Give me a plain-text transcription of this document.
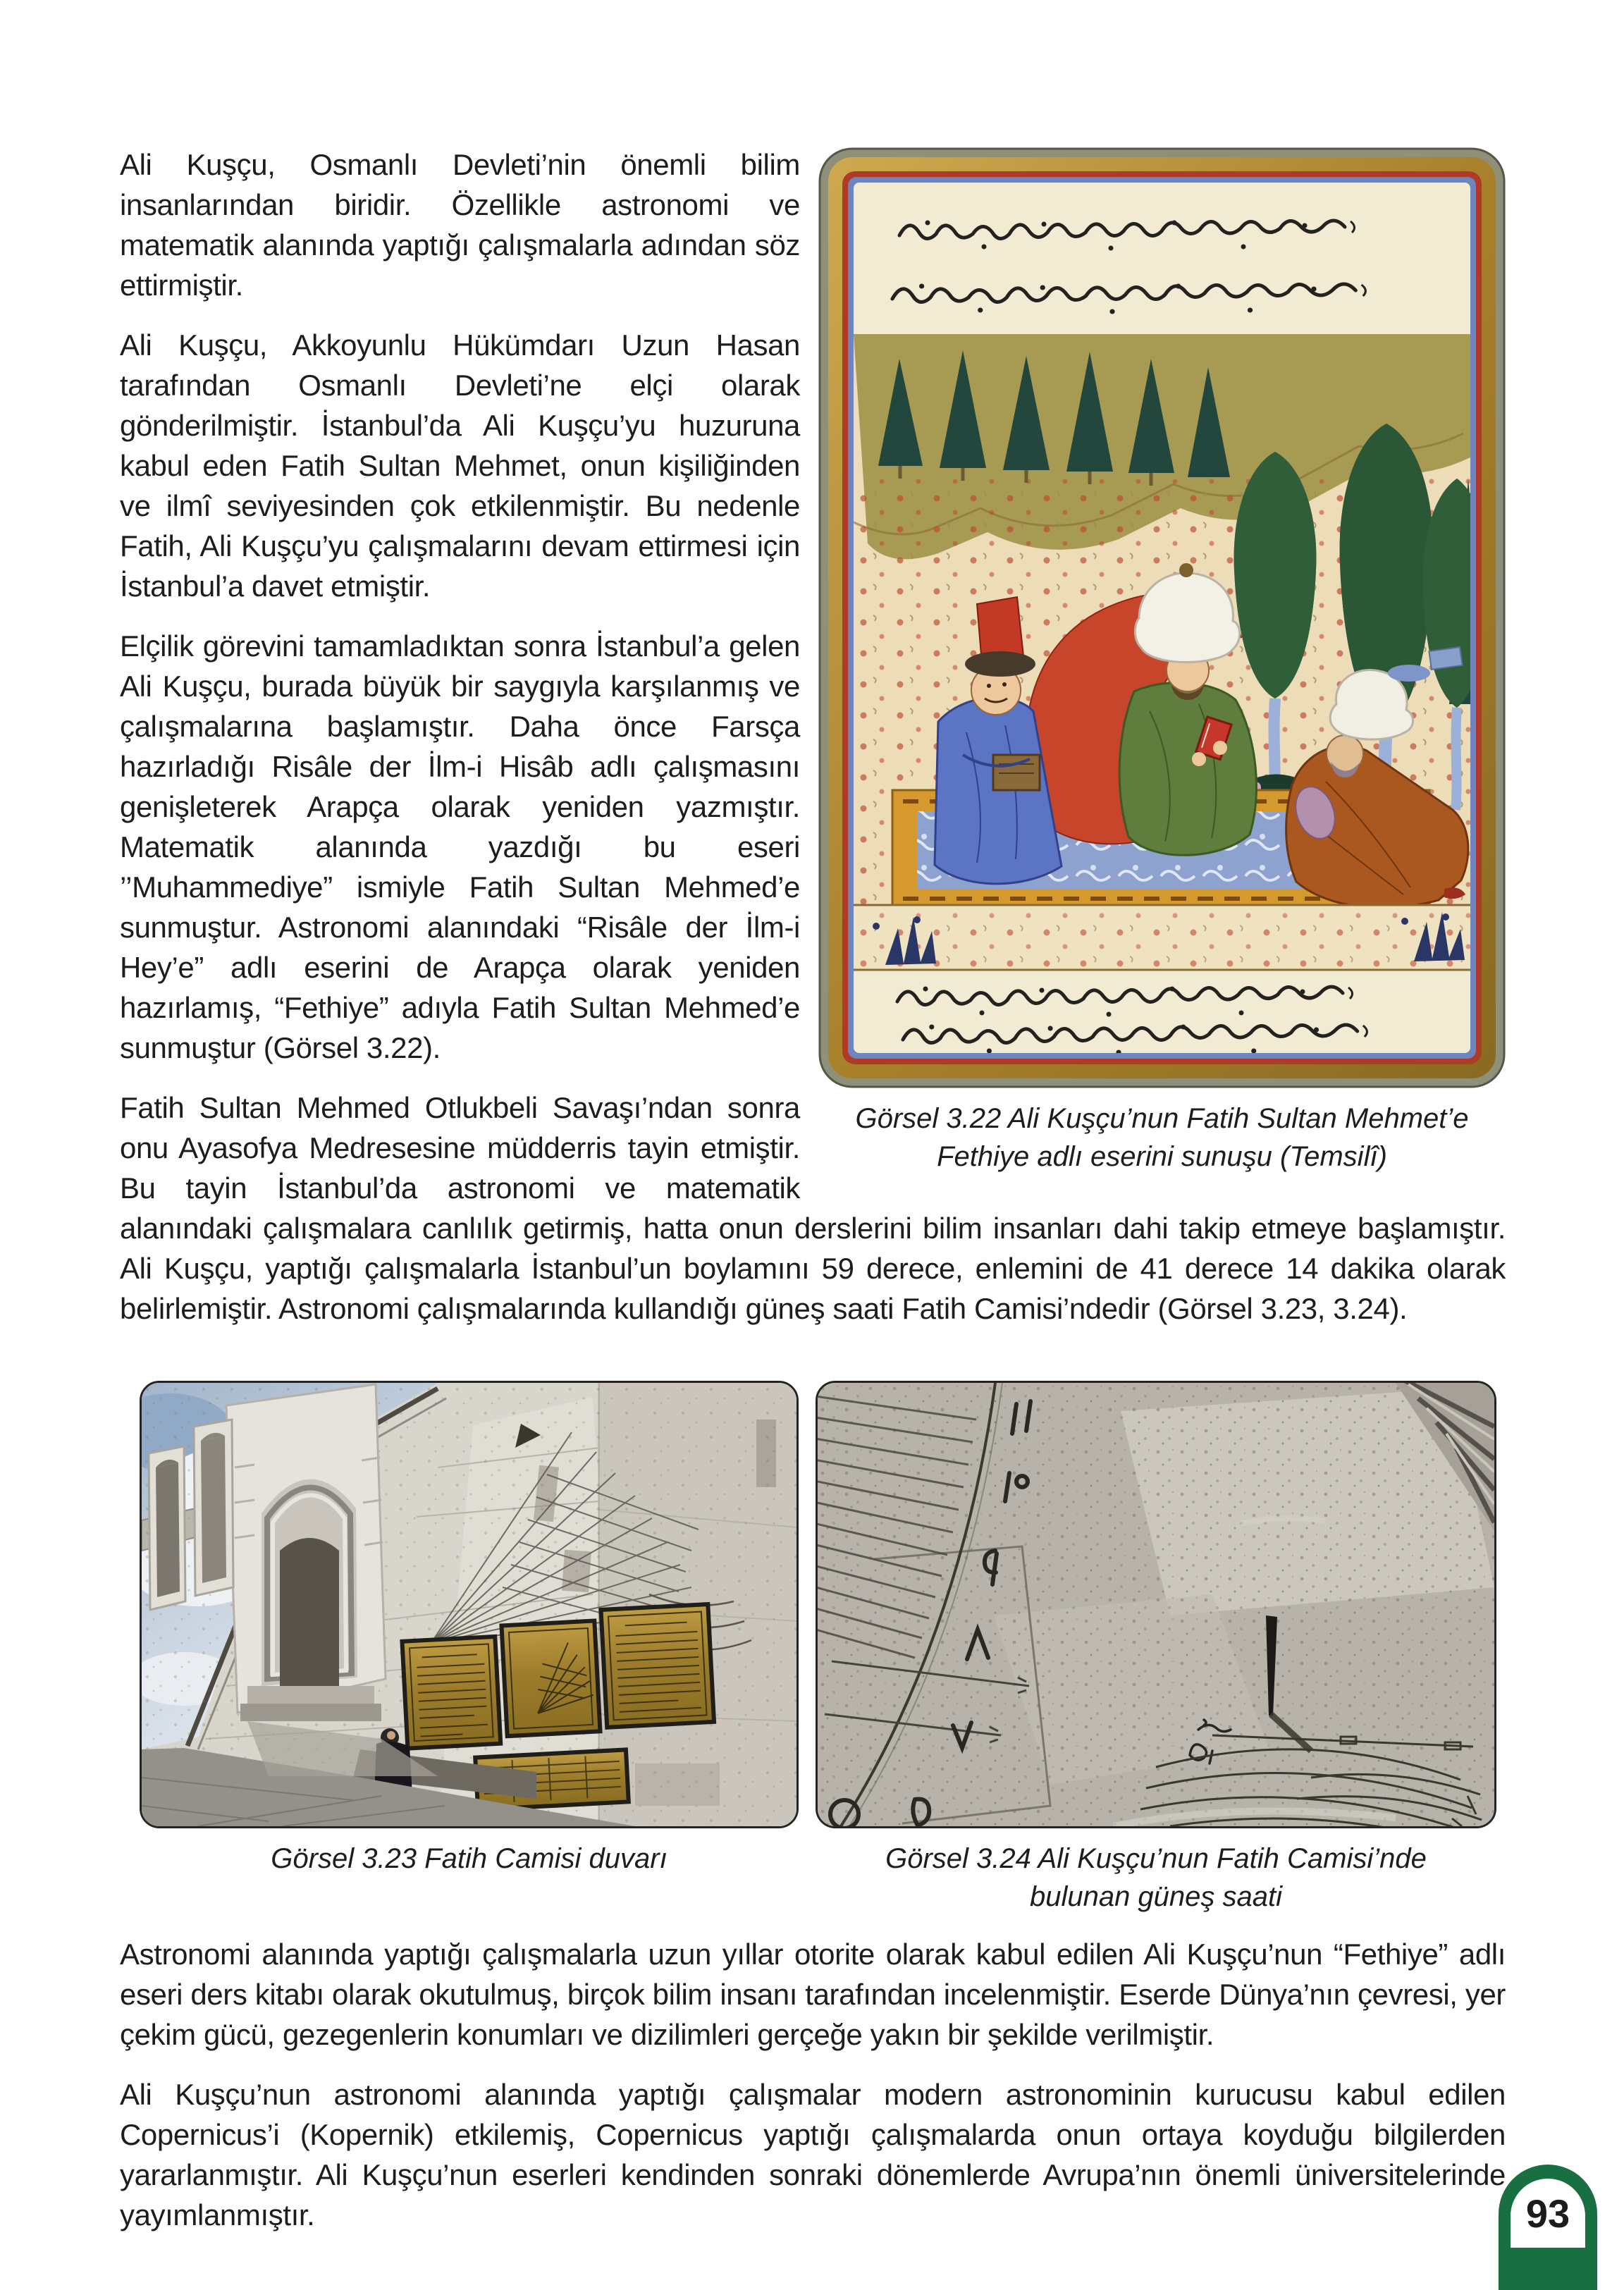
Görsel 3.22 Ali Kuşçu’nun Fatih Sultan Mehmet’e Fethiye adlı eserini sunuşu (Temsilî)

Ali Kuşçu, Osmanlı Devleti’nin önemli bilim insanlarından biridir. Özellikle astronomi ve matematik alanında yaptığı çalışmalarla adından söz ettirmiştir.

Ali Kuşçu, Akkoyunlu Hükümdarı Uzun Hasan tarafından Osmanlı Devleti’ne elçi olarak gönderilmiştir. İstanbul’da Ali Kuşçu’yu huzuruna kabul eden Fatih Sultan Mehmet, onun kişiliğinden ve ilmî seviyesinden çok etkilenmiştir. Bu nedenle Fatih, Ali Kuşçu’yu çalışmalarını devam ettirmesi için İstanbul’a davet etmiştir.

Elçilik görevini tamamladıktan sonra İstanbul’a gelen Ali Kuşçu, burada büyük bir saygıyla karşılanmış ve çalışmalarına başlamıştır. Daha önce Farsça hazırladığı Risâle der İlm-i Hisâb adlı çalışmasını genişleterek Arapça olarak yeniden yazmıştır. Matematik alanında yazdığı bu eseri ’’Muhammediye” ismiyle Fatih Sultan Mehmed’e sunmuştur. Astronomi alanındaki “Risâle der İlm-i Hey’e” adlı eserini de Arapça olarak yeniden hazırlamış, “Fethiye” adıyla Fatih Sultan Mehmed’e sunmuştur (Görsel 3.22).

Fatih Sultan Mehmed Otlukbeli Savaşı’ndan sonra onu Ayasofya Medresesine müdderris tayin etmiştir. Bu tayin İstanbul’da astronomi ve matematik alanındaki çalışmalara canlılık getirmiş, hatta onun derslerini bilim insanları dahi takip etmeye başlamıştır. Ali Kuşçu, yaptığı çalışmalarla İstanbul’un boylamını 59 derece, enlemini de 41 derece 14 dakika olarak belirlemiştir. Astronomi çalışmalarında kullandığı güneş saati Fatih Camisi’ndedir (Görsel 3.23, 3.24).

Görsel 3.23 Fatih Camisi duvarı	Görsel 3.24 Ali Kuşçu’nun Fatih Camisi’nde bulunan güneş saati

Astronomi alanında yaptığı çalışmalarla uzun yıllar otorite olarak kabul edilen Ali Kuşçu’nun “Fethiye” adlı eseri ders kitabı olarak okutulmuş, birçok bilim insanı tarafından incelenmiştir. Eserde Dünya’nın çevresi, yer çekim gücü, gezegenlerin konumları ve dizilimleri gerçeğe yakın bir şekilde verilmiştir.

Ali Kuşçu’nun astronomi alanında yaptığı çalışmalar modern astronominin kurucusu kabul edilen Copernicus’i (Kopernik) etkilemiş, Copernicus yaptığı çalışmalarda onun ortaya koyduğu bilgilerden yararlanmıştır. Ali Kuşçu’nun eserleri kendinden sonraki dönemlerde Avrupa’nın önemli üniversitelerinde yayımlanmıştır.	93
